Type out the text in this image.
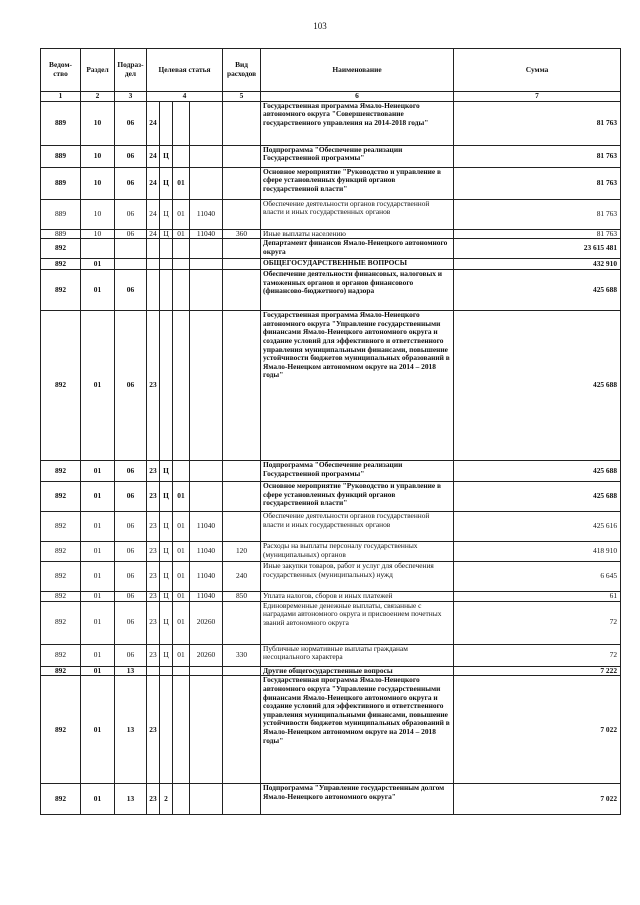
103
Ведом-ство	Раздел	Подраз-дел	Целевая статья				Вид расходов	Наименование	Сумма
1	2	3	4				5	6	7
889	10	06	24					Государственная программа Ямало-Ненецкого автономного округа "Совершенствование государственного управления на 2014-2018 годы"	81 763
889	10	06	24	Ц				Подпрограмма "Обеспечение реализации Государственной программы"	81 763
889	10	06	24	Ц	01			Основное мероприятие "Руководство и управление в сфере установленных функций органов государственной власти"	81 763
889	10	06	24	Ц	01	11040		Обеспечение деятельности органов государственной власти и иных государственных органов	81 763
889	10	06	24	Ц	01	11040	360	Иные выплаты населению	81 763
892								Департамент финансов Ямало-Ненецкого автономного округа	23 615 481
892	01							ОБЩЕГОСУДАРСТВЕННЫЕ ВОПРОСЫ	432 910
892	01	06						Обеспечение деятельности финансовых, налоговых и таможенных органов и органов финансового (финансово-бюджетного) надзора	425 688
892	01	06	23					Государственная программа Ямало-Ненецкого автономного округа "Управление государственными финансами Ямало-Ненецкого автономного округа и создание условий для эффективного и ответственного управления муниципальными финансами, повышение устойчивости бюджетов муниципальных образований в Ямало-Ненецком автономном округе на 2014 – 2018 годы"	425 688
892	01	06	23	Ц				Подпрограмма "Обеспечение реализации Государственной программы"	425 688
892	01	06	23	Ц	01			Основное мероприятие "Руководство и управление в сфере установленных функций органов государственной власти"	425 688
892	01	06	23	Ц	01	11040		Обеспечение деятельности органов государственной власти и иных государственных органов	425 616
892	01	06	23	Ц	01	11040	120	Расходы на выплаты персоналу государственных (муниципальных) органов	418 910
892	01	06	23	Ц	01	11040	240	Иные закупки товаров, работ и услуг для обеспечения государственных (муниципальных) нужд	6 645
892	01	06	23	Ц	01	11040	850	Уплата налогов, сборов и иных платежей	61
892	01	06	23	Ц	01	20260		Единовременные денежные выплаты, связанные с наградами автономного округа и присвоением почетных званий автономного округа	72
892	01	06	23	Ц	01	20260	330	Публичные нормативные выплаты гражданам несоциального характера	72
892	01	13						Другие общегосударственные вопросы	7 222
892	01	13	23					Государственная программа Ямало-Ненецкого автономного округа "Управление государственными финансами Ямало-Ненецкого автономного округа и создание условий для эффективного и ответственного управления муниципальными финансами, повышение устойчивости бюджетов муниципальных образований в Ямало-Ненецком автономном округе на 2014 – 2018 годы"	7 022
892	01	13	23	2				Подпрограмма "Управление государственным долгом Ямало-Ненецкого автономного округа"	7 022
